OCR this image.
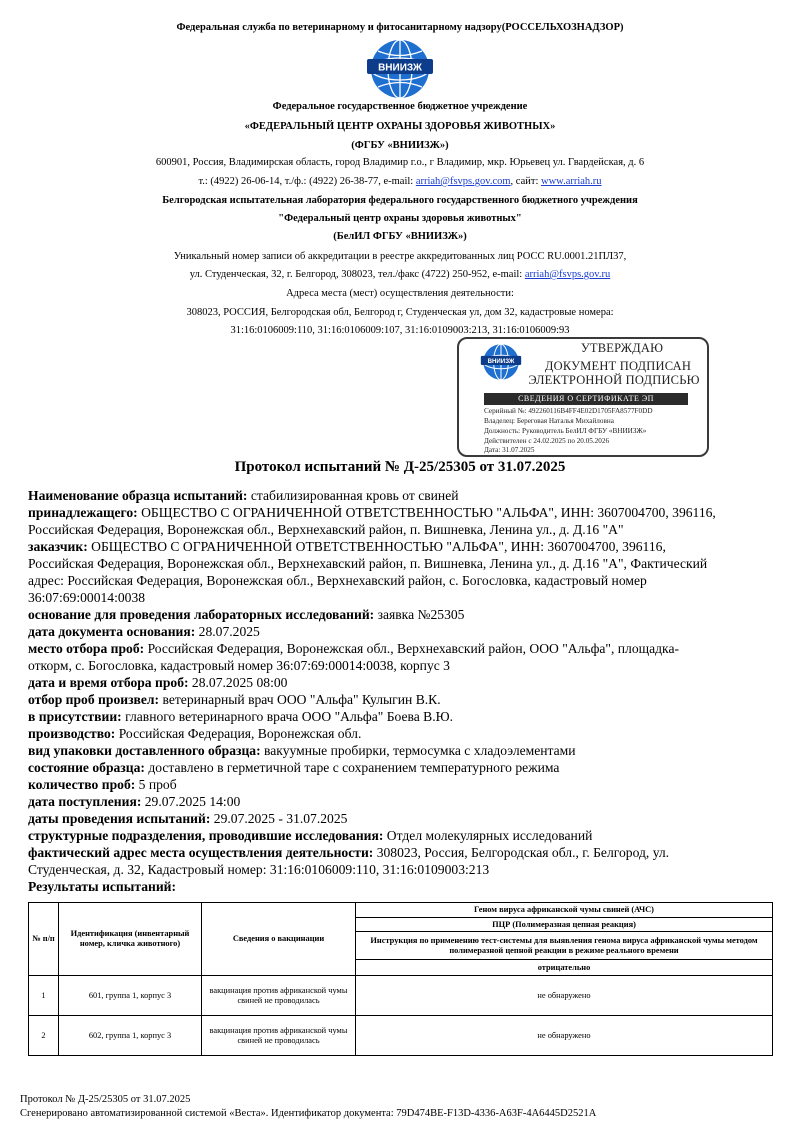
Федеральная служба по ветеринарному и фитосанитарному надзору(РОССЕЛЬХОЗНАДЗОР)
ВНИИЗЖ
Федеральное государственное бюджетное учреждение
«ФЕДЕРАЛЬНЫЙ ЦЕНТР ОХРАНЫ ЗДОРОВЬЯ ЖИВОТНЫХ»
(ФГБУ «ВНИИЗЖ»)
600901, Россия, Владимирская область, город Владимир г.о., г Владимир, мкр. Юрьевец ул. Гвардейская, д. 6
т.: (4922) 26-06-14, т./ф.: (4922) 26-38-77, e-mail: arriah@fsvps.gov.com, сайт: www.arriah.ru
Белгородская испытательная лаборатория федерального государственного бюджетного учреждения
"Федеральный центр охраны здоровья животных"
(БелИЛ ФГБУ «ВНИИЗЖ»)
Уникальный номер записи об аккредитации в реестре аккредитованных лиц РОСС RU.0001.21ПЛ37,
ул. Студенческая, 32, г. Белгород, 308023, тел./факс (4722) 250-952, e-mail: arriah@fsvps.gov.ru
Адреса места (мест) осуществления деятельности:
308023, РОССИЯ, Белгородская обл, Белгород г, Студенческая ул, дом 32, кадастровые номера:
31:16:0106009:110, 31:16:0106009:107, 31:16:0109003:213, 31:16:0106009:93
ВНИИЗЖ
УТВЕРЖДАЮ
ДОКУМЕНТ ПОДПИСАН
ЭЛЕКТРОННОЙ ПОДПИСЬЮ
СВЕДЕНИЯ О СЕРТИФИКАТЕ ЭП
Серийный №: 492260116B4FF4E02D1705FA8577F0DD
Владелец: Береговая Наталья Михайловна
Должность: Руководитель БелИЛ ФГБУ «ВНИИЗЖ»
Действителен с 24.02.2025 по 20.05.2026
Дата: 31.07.2025
Протокол испытаний № Д-25/25305 от 31.07.2025
Наименование образца испытаний: стабилизированная кровь от свиней
принадлежащего: ОБЩЕСТВО С ОГРАНИЧЕННОЙ ОТВЕТСТВЕННОСТЬЮ "АЛЬФА", ИНН: 3607004700, 396116,
Российская Федерация, Воронежская обл., Верхнехавский район, п. Вишневка, Ленина ул., д. Д.16 "А"
заказчик: ОБЩЕСТВО С ОГРАНИЧЕННОЙ ОТВЕТСТВЕННОСТЬЮ "АЛЬФА", ИНН: 3607004700, 396116,
Российская Федерация, Воронежская обл., Верхнехавский район, п. Вишневка, Ленина ул., д. Д.16 "А", Фактический
адрес: Российская Федерация, Воронежская обл., Верхнехавский район, с. Богословка, кадастровый номер
36:07:69:00014:0038
основание для проведения лабораторных исследований: заявка №25305
дата документа основания: 28.07.2025
место отбора проб: Российская Федерация, Воронежская обл., Верхнехавский район, ООО "Альфа", площадка-
откорм, с. Богословка, кадастровый номер 36:07:69:00014:0038, корпус 3
дата и время отбора проб: 28.07.2025 08:00
отбор проб произвел: ветеринарный врач ООО "Альфа" Кулыгин В.К.
в присутствии: главного ветеринарного врача ООО "Альфа" Боева В.Ю.
производство: Российская Федерация, Воронежская обл.
вид упаковки доставленного образца: вакуумные пробирки, термосумка с хладоэлементами
состояние образца: доставлено в герметичной таре с сохранением температурного режима
количество проб: 5 проб
дата поступления: 29.07.2025 14:00
даты проведения испытаний: 29.07.2025 - 31.07.2025
структурные подразделения, проводившие исследования: Отдел молекулярных исследований
фактический адрес места осуществления деятельности: 308023, Россия, Белгородская обл., г. Белгород, ул.
Студенческая, д. 32, Кадастровый номер: 31:16:0106009:110, 31:16:0109003:213
Результаты испытаний:
№ п/п	Идентификация (инвентарный номер, кличка животного)	Сведения о вакцинации	Геном вируса африканской чумы свиней (АЧС)
			ПЦР (Полимеразная цепная реакция)
			Инструкция по применению тест-системы для выявления генома вируса африканской чумы методом полимеразной цепной реакции в режиме реального времени
			отрицательно
1	601, группа 1, корпус 3	вакцинация против африканской чумы свиней не проводилась	не обнаружено
2	602, группа 1, корпус 3	вакцинация против африканской чумы свиней не проводилась	не обнаружено
Протокол № Д-25/25305 от 31.07.2025
Сгенерировано автоматизированной системой «Веста». Идентификатор документа: 79D474BE-F13D-4336-A63F-4A6445D2521A
